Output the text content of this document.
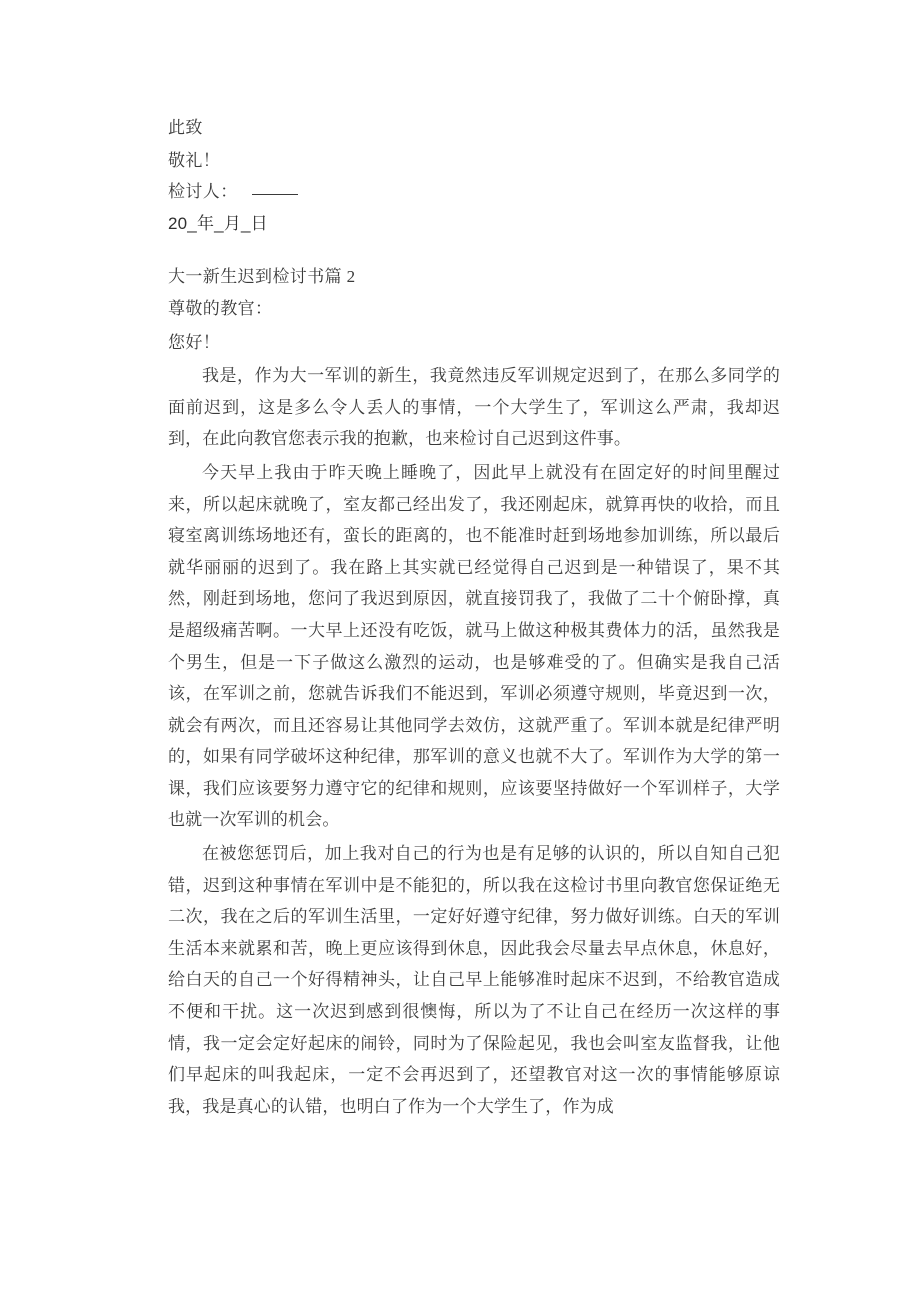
此致

敬礼！

检讨人：

20_年_月_日

大一新生迟到检讨书篇 2

尊敬的教官：

您好！

我是，作为大一军训的新生，我竟然违反军训规定迟到了，在那么多同学的面前迟到，这是多么令人丢人的事情，一个大学生了，军训这么严肃，我却迟到，在此向教官您表示我的抱歉，也来检讨自己迟到这件事。

今天早上我由于昨天晚上睡晚了，因此早上就没有在固定好的时间里醒过来，所以起床就晚了，室友都己经出发了，我还刚起床，就算再快的收拾，而且寝室离训练场地还有，蛮长的距离的，也不能准时赶到场地参加训练，所以最后就华丽丽的迟到了。我在路上其实就已经觉得自己迟到是一种错误了，果不其然，刚赶到场地，您问了我迟到原因，就直接罚我了，我做了二十个俯卧撑，真是超级痛苦啊。一大早上还没有吃饭，就马上做这种极其费体力的活，虽然我是个男生，但是一下子做这么激烈的运动，也是够难受的了。但确实是我自己活该，在军训之前，您就告诉我们不能迟到，军训必须遵守规则，毕竟迟到一次，就会有两次，而且还容易让其他同学去效仿，这就严重了。军训本就是纪律严明的，如果有同学破坏这种纪律，那军训的意义也就不大了。军训作为大学的第一课，我们应该要努力遵守它的纪律和规则，应该要坚持做好一个军训样子，大学也就一次军训的机会。

在被您惩罚后，加上我对自己的行为也是有足够的认识的，所以自知自己犯错，迟到这种事情在军训中是不能犯的，所以我在这检讨书里向教官您保证绝无二次，我在之后的军训生活里，一定好好遵守纪律，努力做好训练。白天的军训生活本来就累和苦，晚上更应该得到休息，因此我会尽量去早点休息，休息好，给白天的自己一个好得精神头，让自己早上能够准时起床不迟到，不给教官造成不便和干扰。这一次迟到感到很懊悔，所以为了不让自己在经历一次这样的事情，我一定会定好起床的闹铃，同时为了保险起见，我也会叫室友监督我，让他们早起床的叫我起床，一定不会再迟到了，还望教官对这一次的事情能够原谅我，我是真心的认错，也明白了作为一个大学生了，作为成
